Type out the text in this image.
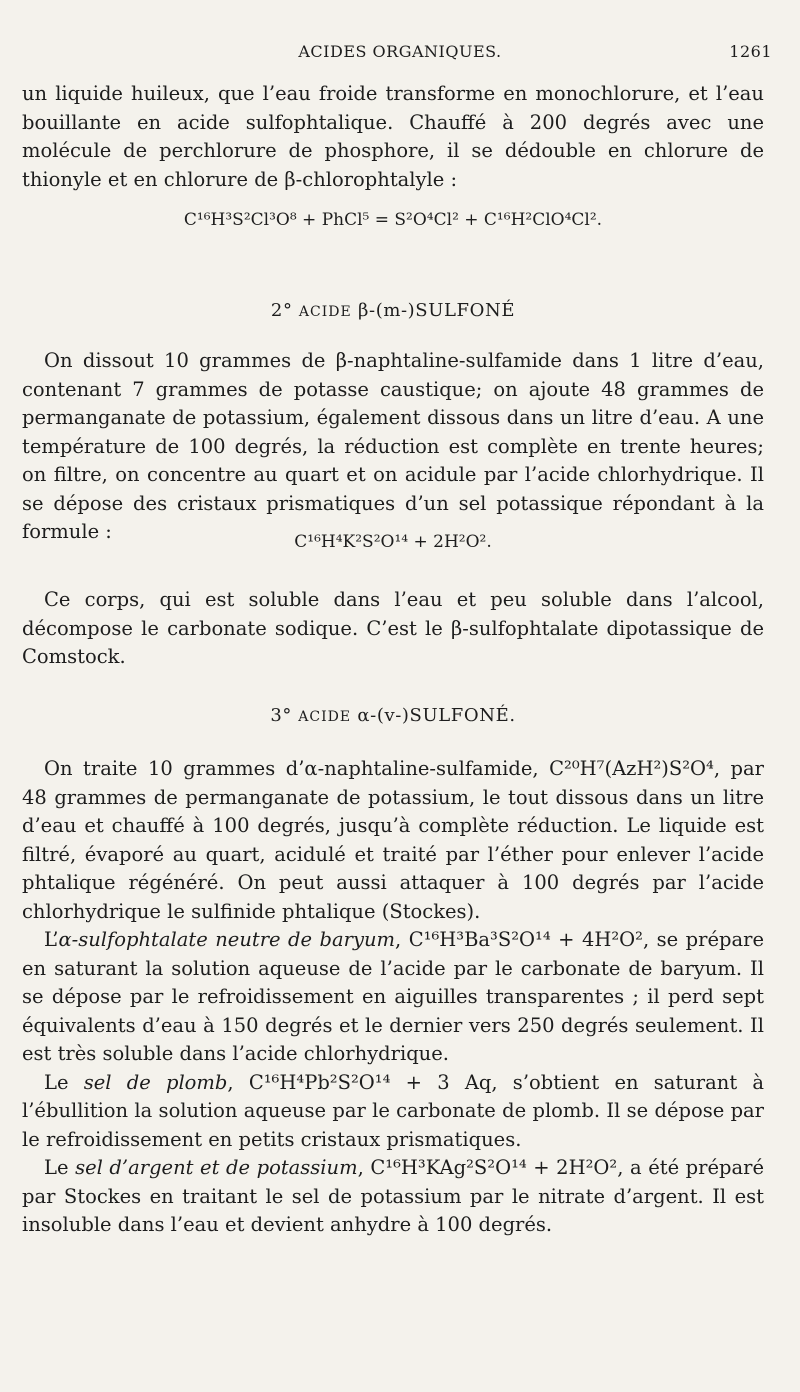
ACIDES ORGANIQUES.	1261

un liquide huileux, que l’eau froide transforme en monochlorure, et l’eau bouillante en acide sulfophtalique. Chauffé à 200 degrés avec une molécule de perchlorure de phosphore, il se dédouble en chlorure de thionyle et en chlorure de β-chlorophtalyle :

C¹⁶H³S²Cl³O⁸ + PhCl⁵ = S²O⁴Cl² + C¹⁶H²ClO⁴Cl².

2° ACIDE β-(m-)SULFONÉ

On dissout 10 grammes de β-naphtaline-sulfamide dans 1 litre d’eau, contenant 7 grammes de potasse caustique; on ajoute 48 grammes de permanganate de potassium, également dissous dans un litre d’eau. A une température de 100 degrés, la réduction est complète en trente heures; on filtre, on concentre au quart et on acidule par l’acide chlorhydrique. Il se dépose des cristaux prismatiques d’un sel potassique répondant à la formule :	C¹⁶H⁴K²S²O¹⁴ + 2H²O².

Ce corps, qui est soluble dans l’eau et peu soluble dans l’alcool, décompose le carbonate sodique. C’est le β-sulfophtalate dipotassique de Comstock.

3° ACIDE α-(v-)SULFONÉ.

On traite 10 grammes d’α-naphtaline-sulfamide, C²⁰H⁷(AzH²)S²O⁴, par 48 grammes de permanganate de potassium, le tout dissous dans un litre d’eau et chauffé à 100 degrés, jusqu’à complète réduction. Le liquide est filtré, évaporé au quart, acidulé et traité par l’éther pour enlever l’acide phtalique régénéré. On peut aussi attaquer à 100 degrés par l’acide chlorhydrique le sulfinide phtalique (Stockes).

L’α-sulfophtalate neutre de baryum, C¹⁶H³Ba³S²O¹⁴ + 4H²O², se prépare en saturant la solution aqueuse de l’acide par le carbonate de baryum. Il se dépose par le refroidissement en aiguilles transparentes ; il perd sept équivalents d’eau à 150 degrés et le dernier vers 250 degrés seulement. Il est très soluble dans l’acide chlorhydrique.

Le sel de plomb, C¹⁶H⁴Pb²S²O¹⁴ + 3 Aq, s’obtient en saturant à l’ébullition la solution aqueuse par le carbonate de plomb. Il se dépose par le refroidissement en petits cristaux prismatiques.

Le sel d’argent et de potassium, C¹⁶H³KAg²S²O¹⁴ + 2H²O², a été préparé par Stockes en traitant le sel de potassium par le nitrate d’argent. Il est insoluble dans l’eau et devient anhydre à 100 degrés.
